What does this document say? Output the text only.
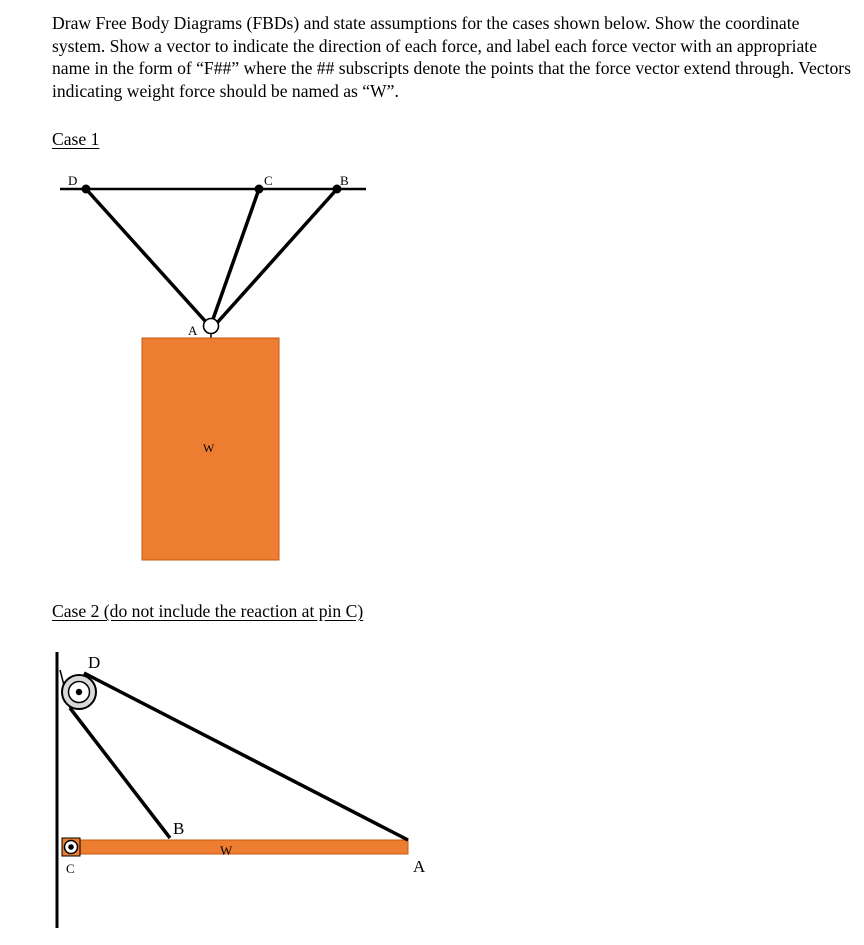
Draw Free Body Diagrams (FBDs) and state assumptions for the cases shown below. Show the coordinate system. Show a vector to indicate the direction of each force, and label each force vector with an appropriate name in the form of “F##” where the ## subscripts denote the points that the force vector extend through. Vectors indicating weight force should be named as “W”.

Case 1

Case 2 (do not include the reaction at pin C)

D	C	B
A
W
D
B
W
C	A
